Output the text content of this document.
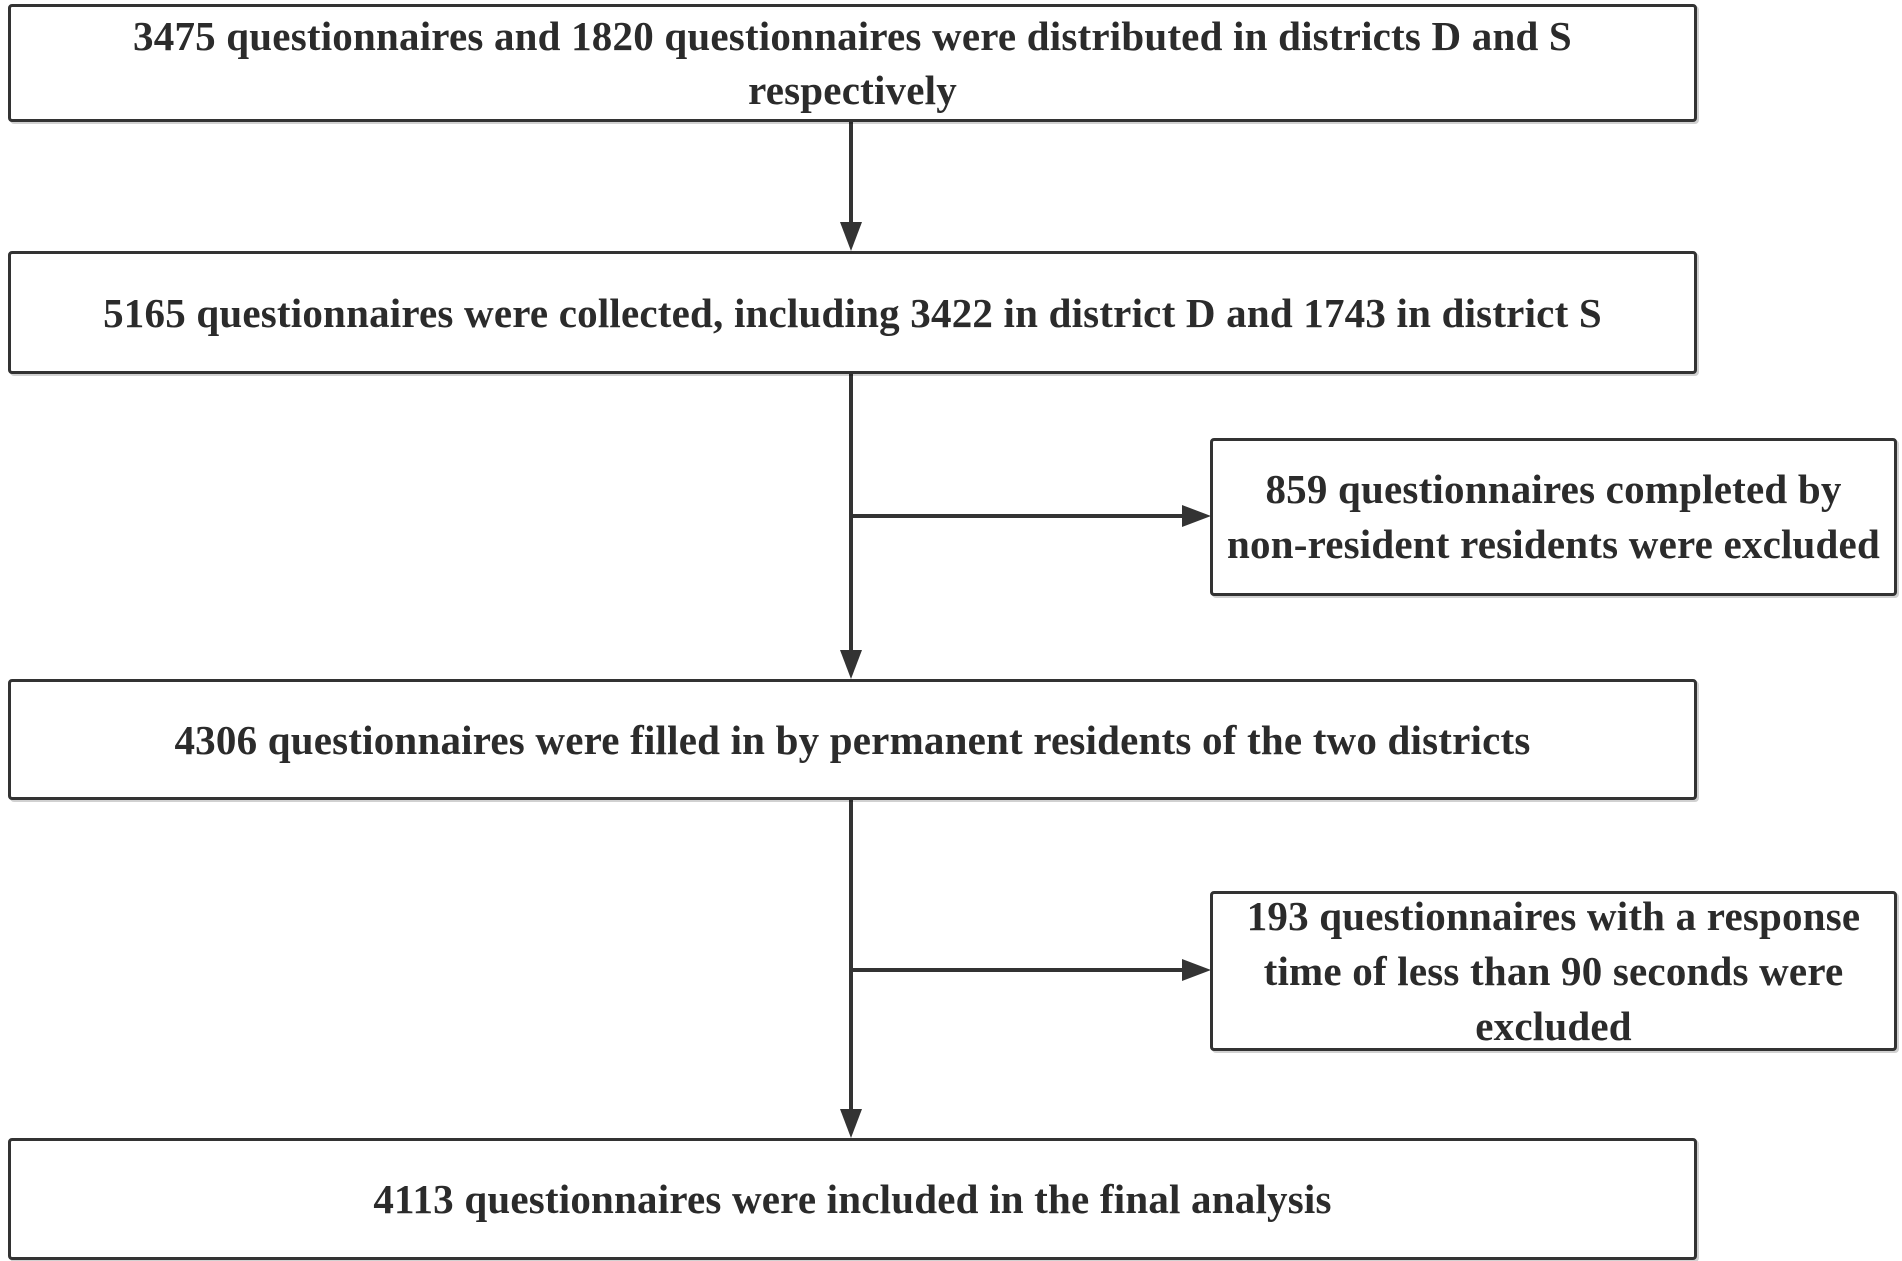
3475 questionnaires and 1820 questionnaires were distributed in districts D and S respectively
5165 questionnaires were collected, including 3422 in district D and 1743 in district S
859 questionnaires completed by non-resident residents were excluded
4306 questionnaires were filled in by permanent residents of the two districts
193 questionnaires with a response time of less than 90 seconds were excluded
4113 questionnaires were included in the final analysis
